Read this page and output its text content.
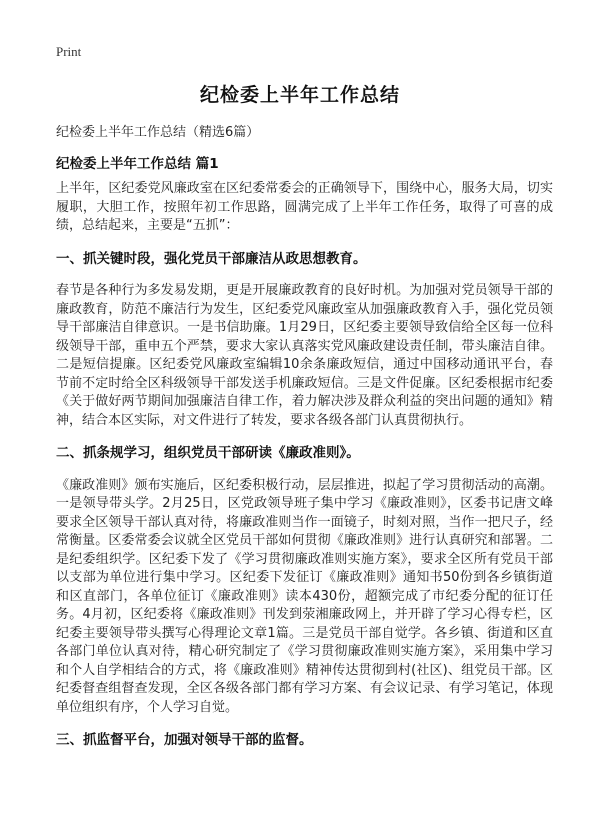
Print
纪检委上半年工作总结
纪检委上半年工作总结（精选6篇）
纪检委上半年工作总结 篇1

上半年，区纪委党风廉政室在区纪委常委会的正确领导下，围绕中心，服务大局，切实履职，大胆工作，按照年初工作思路，圆满完成了上半年工作任务，取得了可喜的成绩，总结起来，主要是“五抓”：

一、抓关键时段，强化党员干部廉洁从政思想教育。

春节是各种行为多发易发期，更是开展廉政教育的良好时机。为加强对党员领导干部的廉政教育，防范不廉洁行为发生，区纪委党风廉政室从加强廉政教育入手，强化党员领导干部廉洁自律意识。一是书信助廉。1月29日，区纪委主要领导致信给全区每一位科级领导干部，重申五个严禁，要求大家认真落实党风廉政建设责任制，带头廉洁自律。二是短信提廉。区纪委党风廉政室编辑10余条廉政短信，通过中国移动通讯平台，春节前不定时给全区科级领导干部发送手机廉政短信。三是文件促廉。区纪委根据市纪委《关于做好两节期间加强廉洁自律工作，着力解决涉及群众利益的突出问题的通知》精神，结合本区实际，对文件进行了转发，要求各级各部门认真贯彻执行。

二、抓条规学习，组织党员干部研读《廉政准则》。

《廉政准则》颁布实施后，区纪委积极行动，层层推进，拟起了学习贯彻活动的高潮。一是领导带头学。2月25日，区党政领导班子集中学习《廉政准则》，区委书记唐文峰要求全区领导干部认真对待，将廉政准则当作一面镜子，时刻对照，当作一把尺子，经常衡量。区委常委会议就全区党员干部如何贯彻《廉政准则》进行认真研究和部署。二是纪委组织学。区纪委下发了《学习贯彻廉政准则实施方案》，要求全区所有党员干部以支部为单位进行集中学习。区纪委下发征订《廉政准则》通知书50份到各乡镇街道和区直部门，各单位征订《廉政准则》读本430份，超额完成了市纪委分配的征订任务。4月初，区纪委将《廉政准则》刊发到荥湘廉政网上，并开辟了学习心得专栏，区纪委主要领导带头撰写心得理论文章1篇。三是党员干部自觉学。各乡镇、街道和区直各部门单位认真对待，精心研究制定了《学习贯彻廉政准则实施方案》，采用集中学习和个人自学相结合的方式，将《廉政准则》精神传达贯彻到村(社区)、组党员干部。区纪委督查组督查发现，全区各级各部门都有学习方案、有会议记录、有学习笔记，体现单位组织有序，个人学习自觉。

三、抓监督平台，加强对领导干部的监督。
